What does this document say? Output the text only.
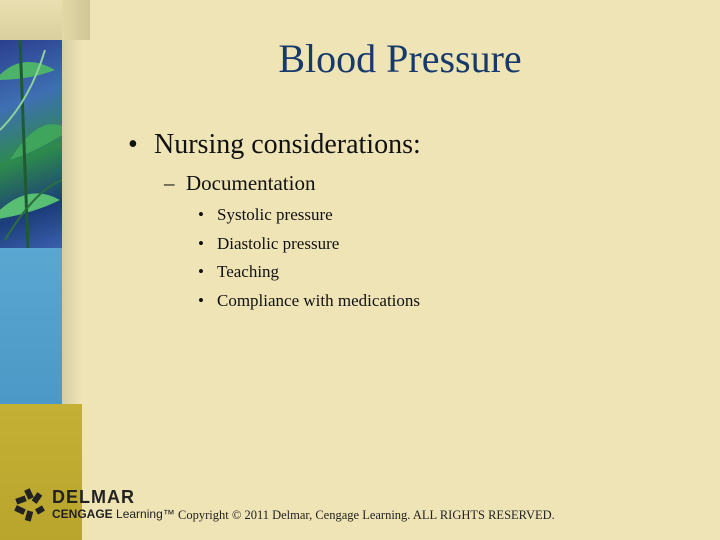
Blood Pressure
• Nursing considerations:
– Documentation
• Systolic pressure
• Diastolic pressure
• Teaching
• Compliance with medications
DELMAR
CENGAGE Learning™ Copyright © 2011 Delmar, Cengage Learning. ALL RIGHTS RESERVED.
